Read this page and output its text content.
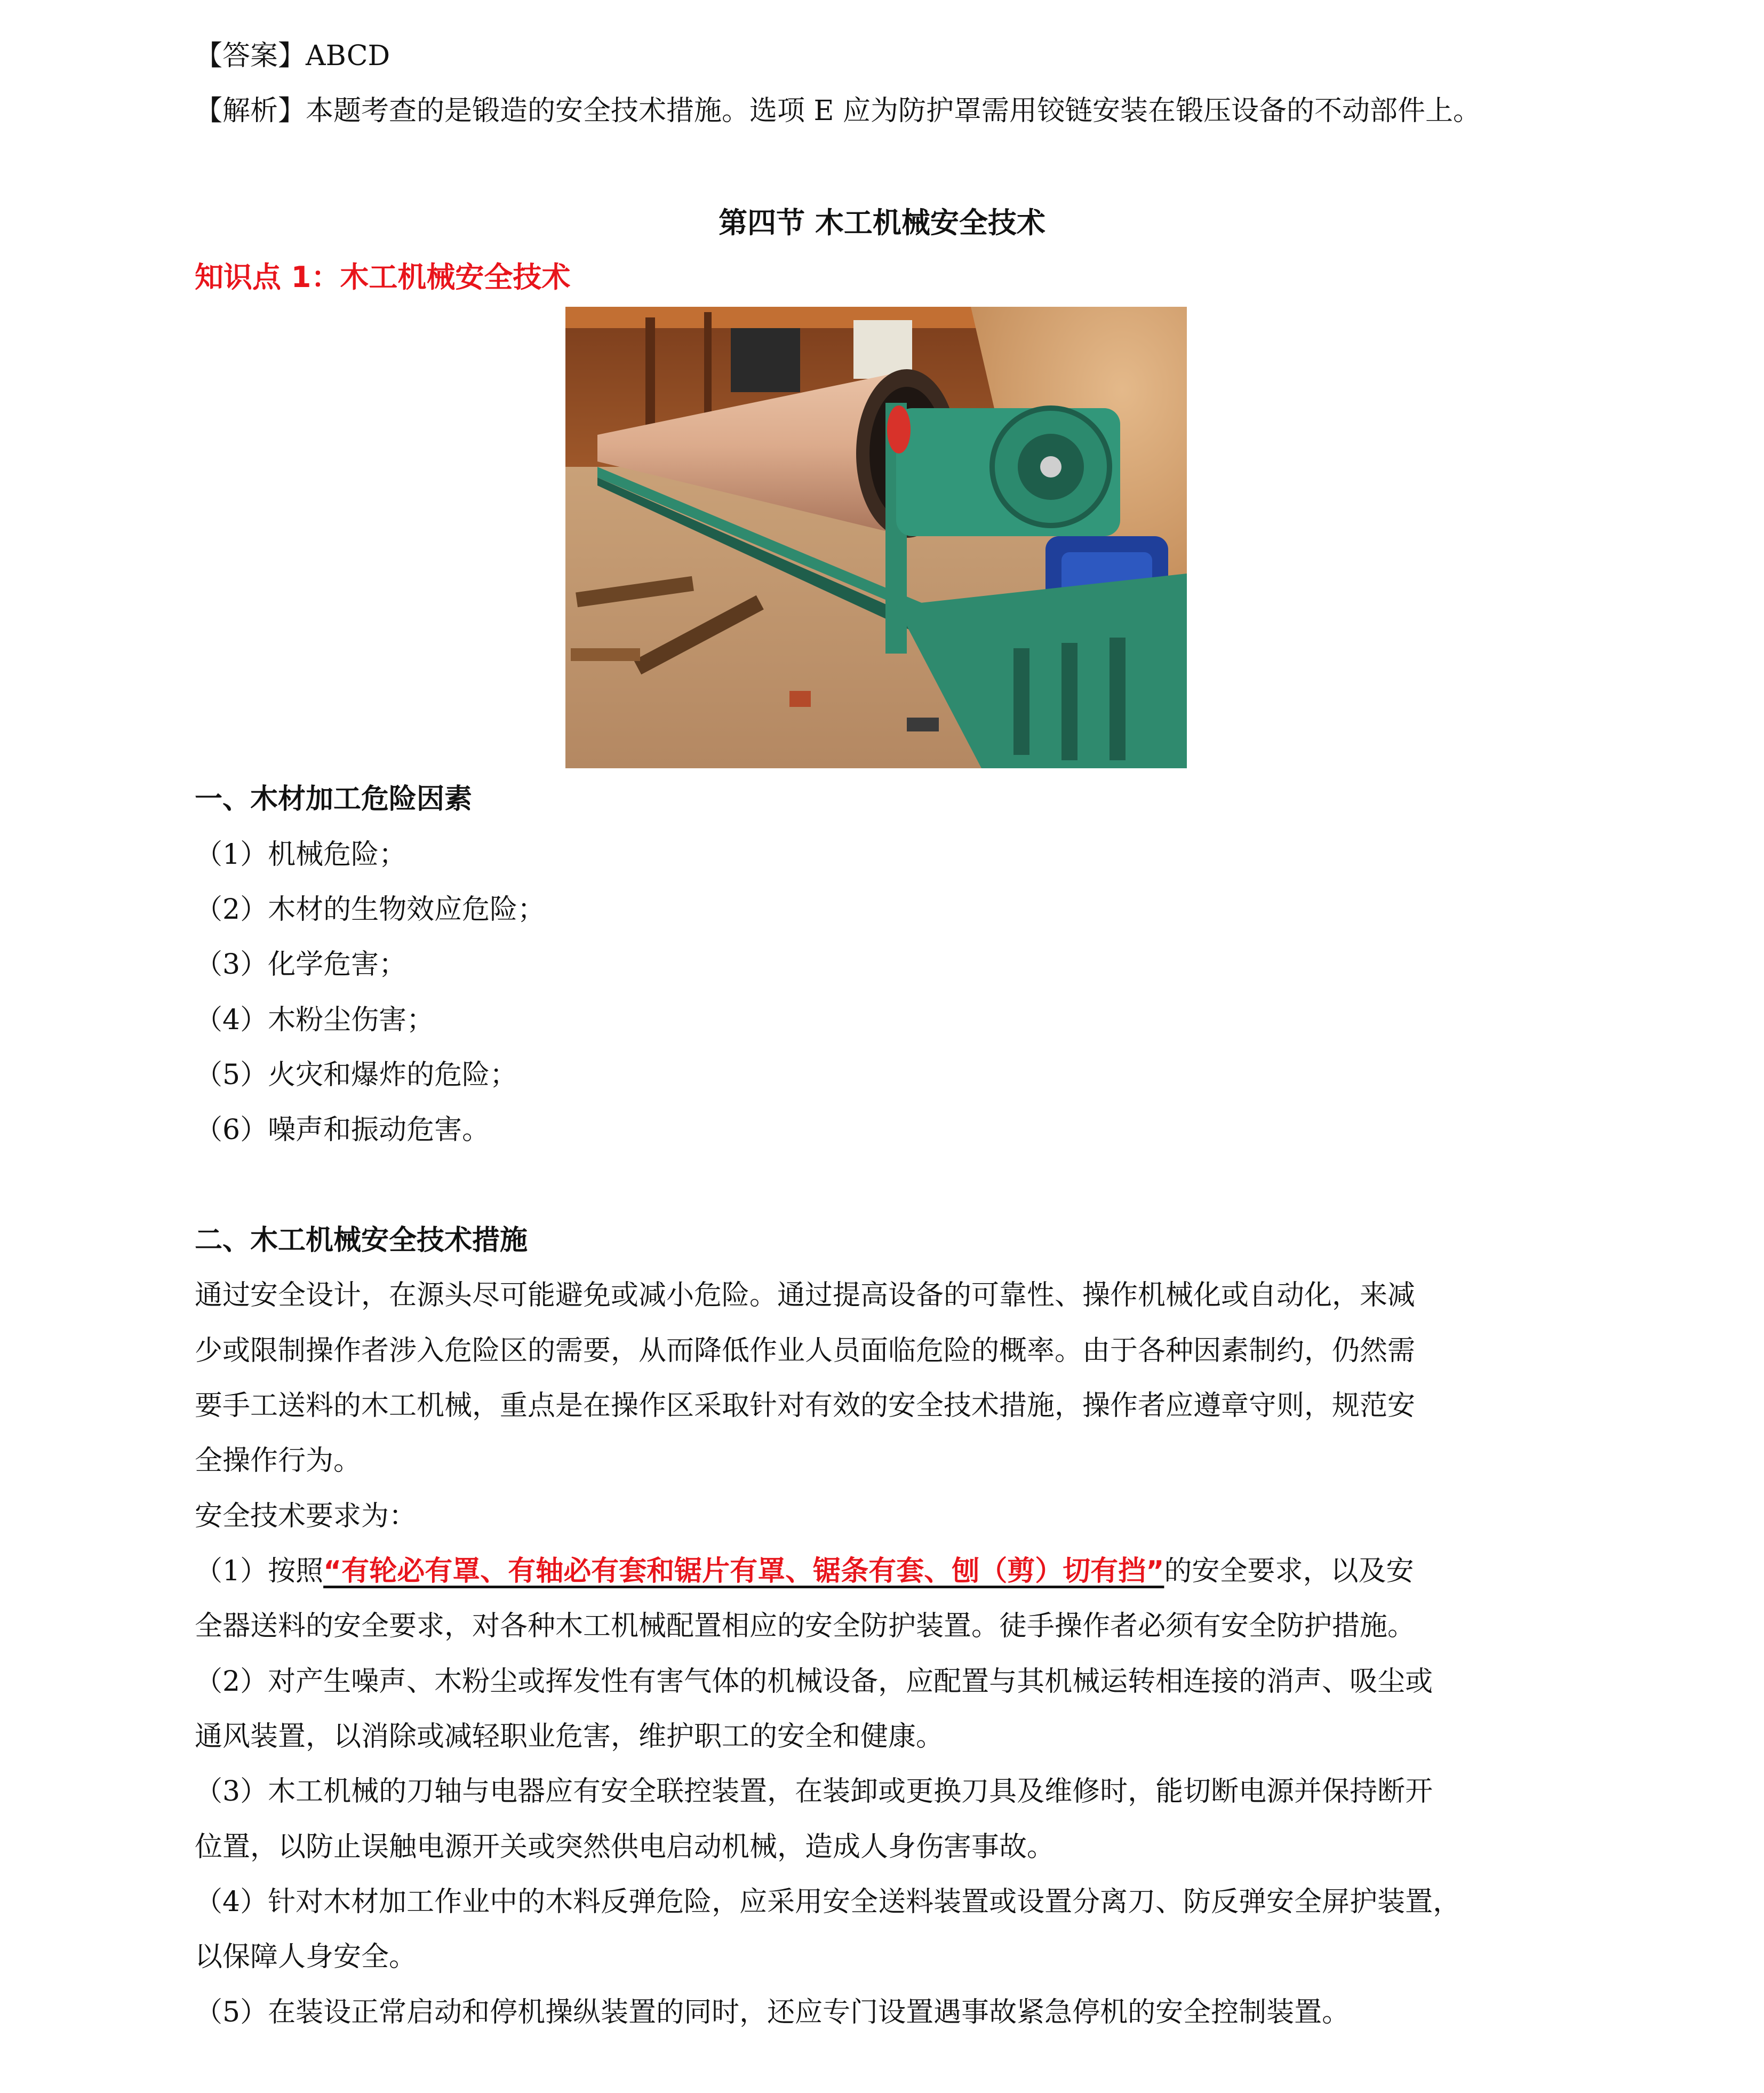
【答案】ABCD
【解析】本题考查的是锻造的安全技术措施。选项 E 应为防护罩需用铰链安装在锻压设备的不动部件上。
第四节 木工机械安全技术
知识点 1：木工机械安全技术
一、木材加工危险因素
（1）机械危险；
（2）木材的生物效应危险；
（3）化学危害；
（4）木粉尘伤害；
（5）火灾和爆炸的危险；
（6）噪声和振动危害。
二、木工机械安全技术措施
通过安全设计，在源头尽可能避免或减小危险。通过提高设备的可靠性、操作机械化或自动化，来减
少或限制操作者涉入危险区的需要，从而降低作业人员面临危险的概率。由于各种因素制约，仍然需
要手工送料的木工机械，重点是在操作区采取针对有效的安全技术措施，操作者应遵章守则，规范安
全操作行为。
安全技术要求为：
（1）按照“有轮必有罩、有轴必有套和锯片有罩、锯条有套、刨（剪）切有挡”的安全要求，以及安
全器送料的安全要求，对各种木工机械配置相应的安全防护装置。徒手操作者必须有安全防护措施。
（2）对产生噪声、木粉尘或挥发性有害气体的机械设备，应配置与其机械运转相连接的消声、吸尘或
通风装置，以消除或减轻职业危害，维护职工的安全和健康。
（3）木工机械的刀轴与电器应有安全联控装置，在装卸或更换刀具及维修时，能切断电源并保持断开
位置，以防止误触电源开关或突然供电启动机械，造成人身伤害事故。
（4）针对木材加工作业中的木料反弹危险，应采用安全送料装置或设置分离刀、防反弹安全屏护装置，
以保障人身安全。
（5）在装设正常启动和停机操纵装置的同时，还应专门设置遇事故紧急停机的安全控制装置。
